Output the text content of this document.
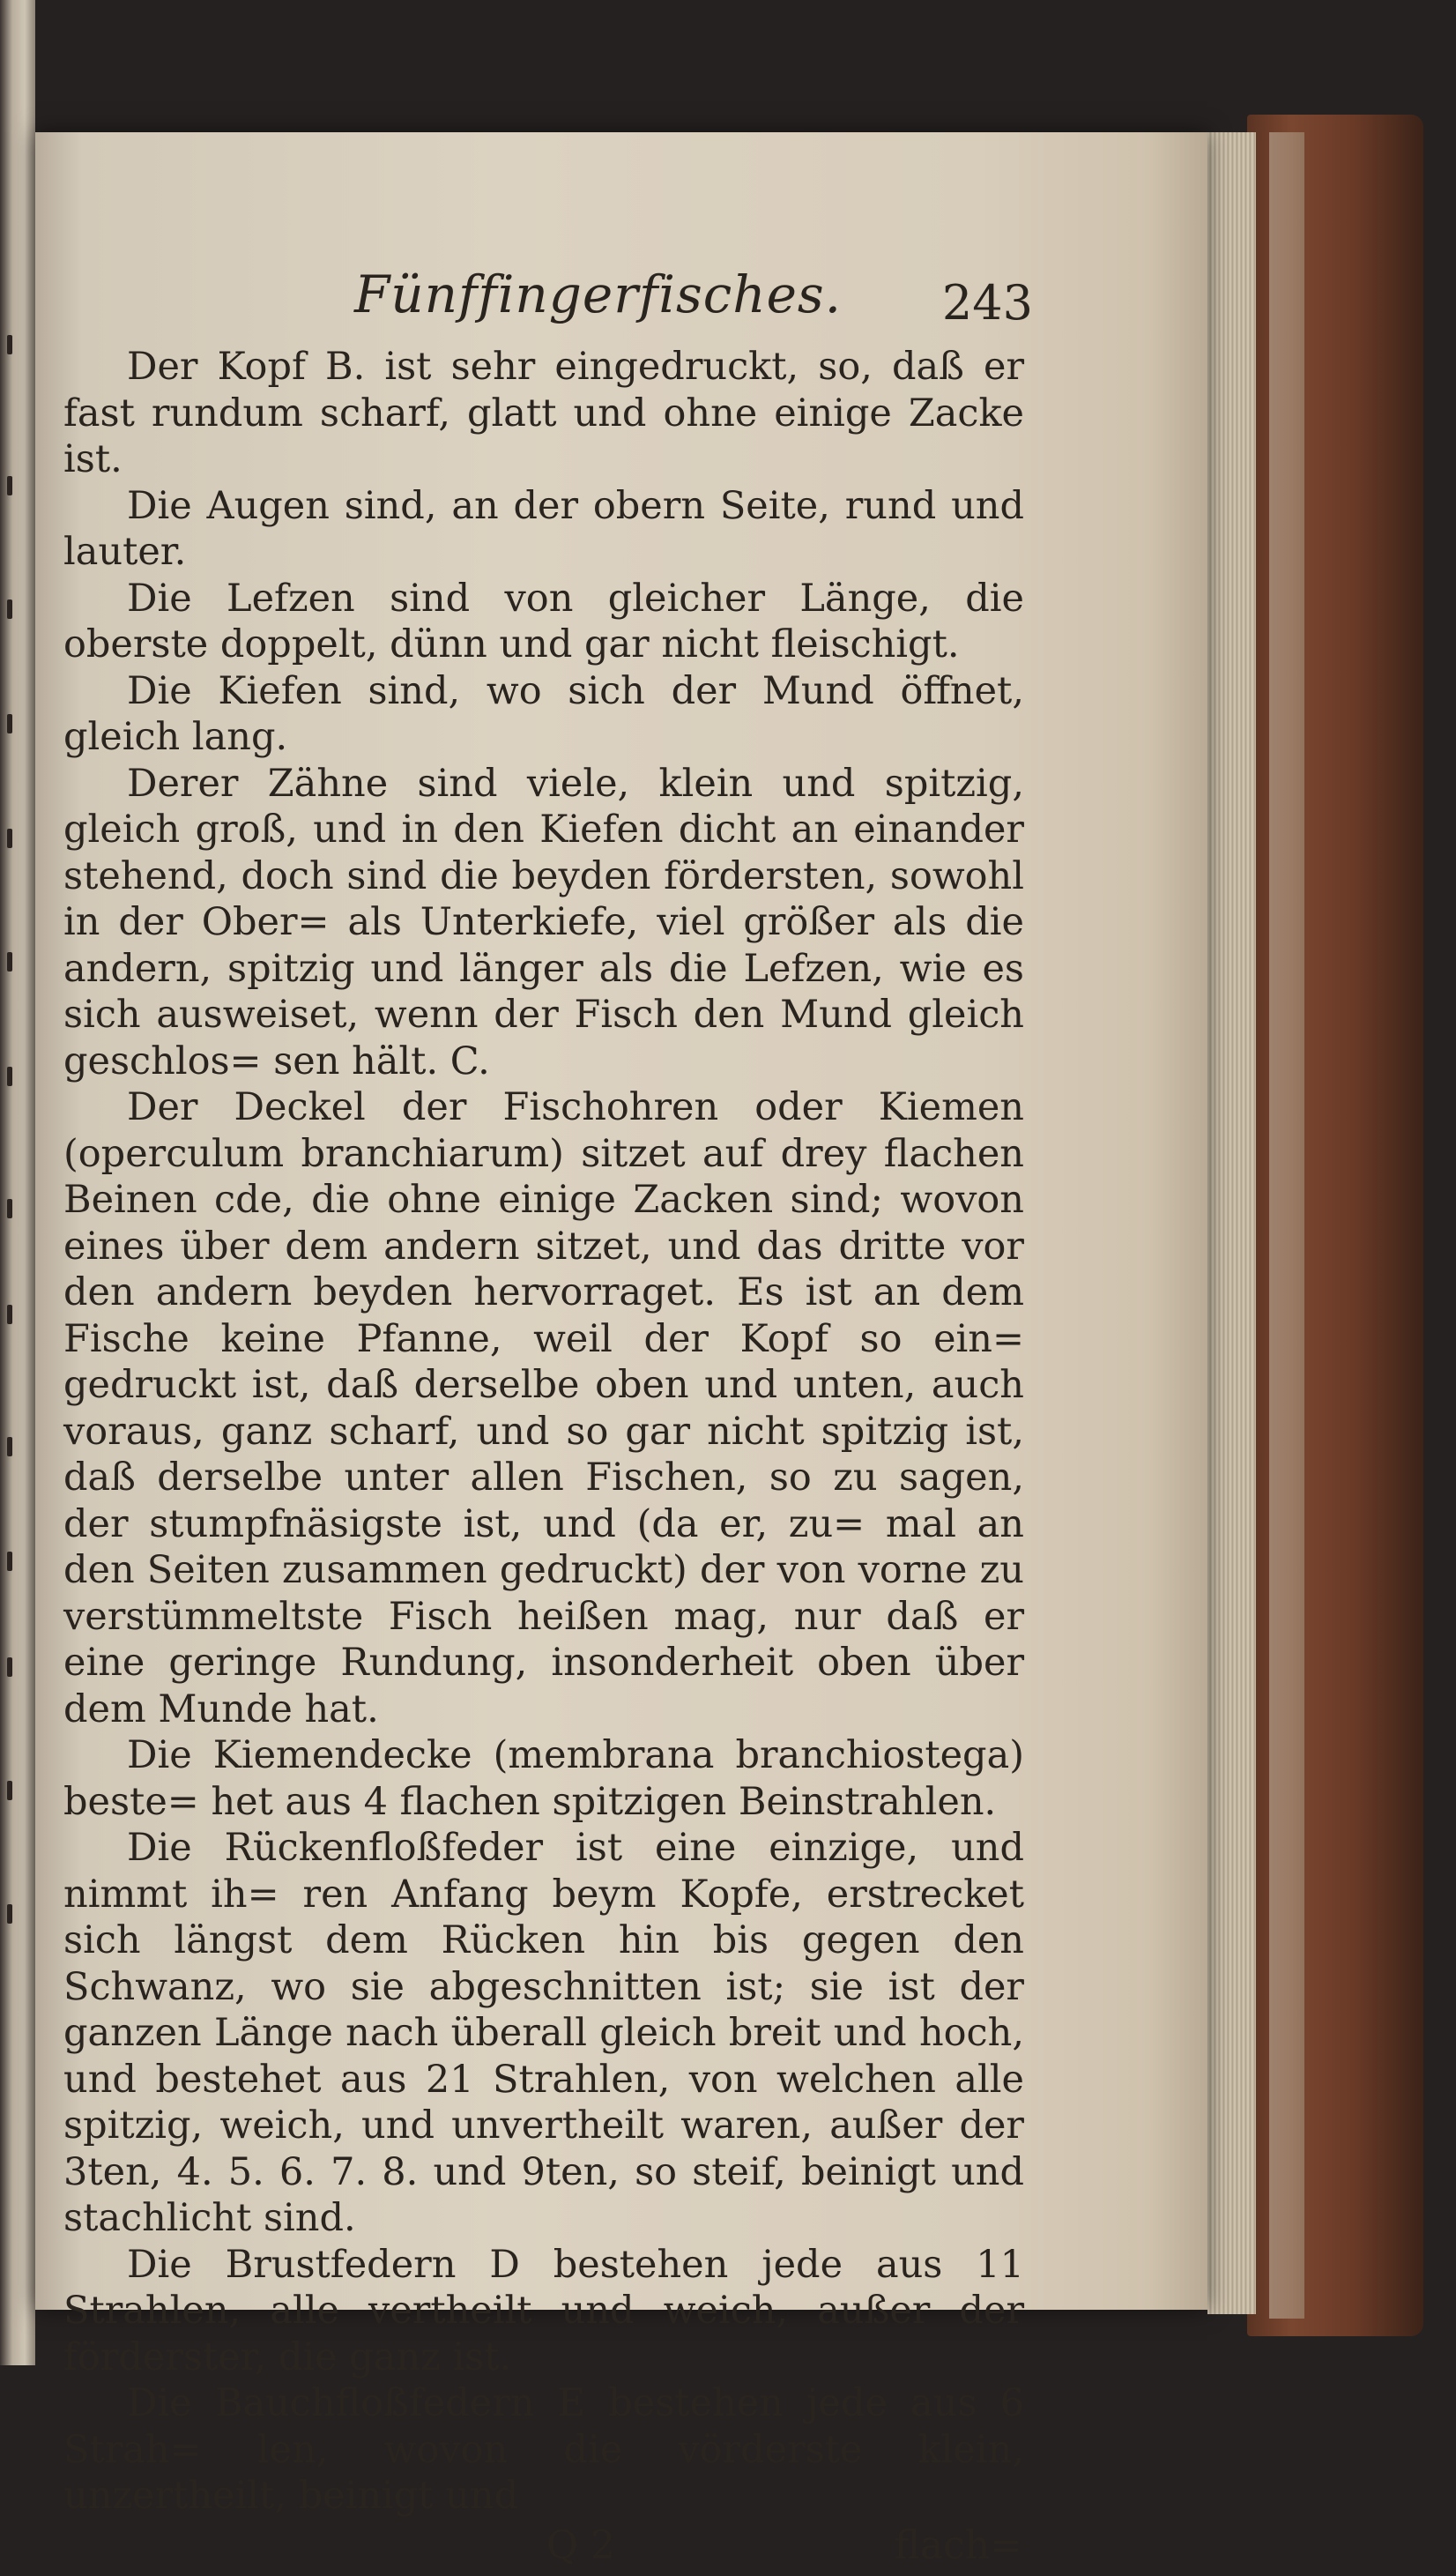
Fünffingerfisches. 243

Der Kopf B. ist sehr eingedruckt, so, daß er fast rundum scharf, glatt und ohne einige Zacke ist.

Die Augen sind, an der obern Seite, rund und lauter.

Die Lefzen sind von gleicher Länge, die oberste doppelt, dünn und gar nicht fleischigt.

Die Kiefen sind, wo sich der Mund öffnet, gleich lang.

Derer Zähne sind viele, klein und spitzig, gleich groß, und in den Kiefen dicht an einander stehend, doch sind die beyden fördersten, sowohl in der Ober= als Unterkiefe, viel größer als die andern, spitzig und länger als die Lefzen, wie es sich ausweiset, wenn der Fisch den Mund gleich geschlos= sen hält. C.

Der Deckel der Fischohren oder Kiemen (operculum branchiarum) sitzet auf drey flachen Beinen cde, die ohne einige Zacken sind; wovon eines über dem andern sitzet, und das dritte vor den andern beyden hervorraget. Es ist an dem Fische keine Pfanne, weil der Kopf so ein= gedruckt ist, daß derselbe oben und unten, auch voraus, ganz scharf, und so gar nicht spitzig ist, daß derselbe unter allen Fischen, so zu sagen, der stumpfnäsigste ist, und (da er, zu= mal an den Seiten zusammen gedruckt) der von vorne zu verstümmeltste Fisch heißen mag, nur daß er eine geringe Rundung, insonderheit oben über dem Munde hat.

Die Kiemendecke (membrana branchiostega) beste= het aus 4 flachen spitzigen Beinstrahlen.

Die Rückenfloßfeder ist eine einzige, und nimmt ih= ren Anfang beym Kopfe, erstrecket sich längst dem Rücken hin bis gegen den Schwanz, wo sie abgeschnitten ist; sie ist der ganzen Länge nach überall gleich breit und hoch, und bestehet aus 21 Strahlen, von welchen alle spitzig, weich, und unvertheilt waren, außer der 3ten, 4. 5. 6. 7. 8. und 9ten, so steif, beinigt und stachlicht sind.

Die Brustfedern D bestehen jede aus 11 Strahlen, alle vertheilt und weich, außer der förderster, die ganz ist.

Die Bauchfloßfedern E bestehen jede aus 6 Strah= len, wovon die vörderste klein, unzertheilt, beinigt und

Q 2	flach=
